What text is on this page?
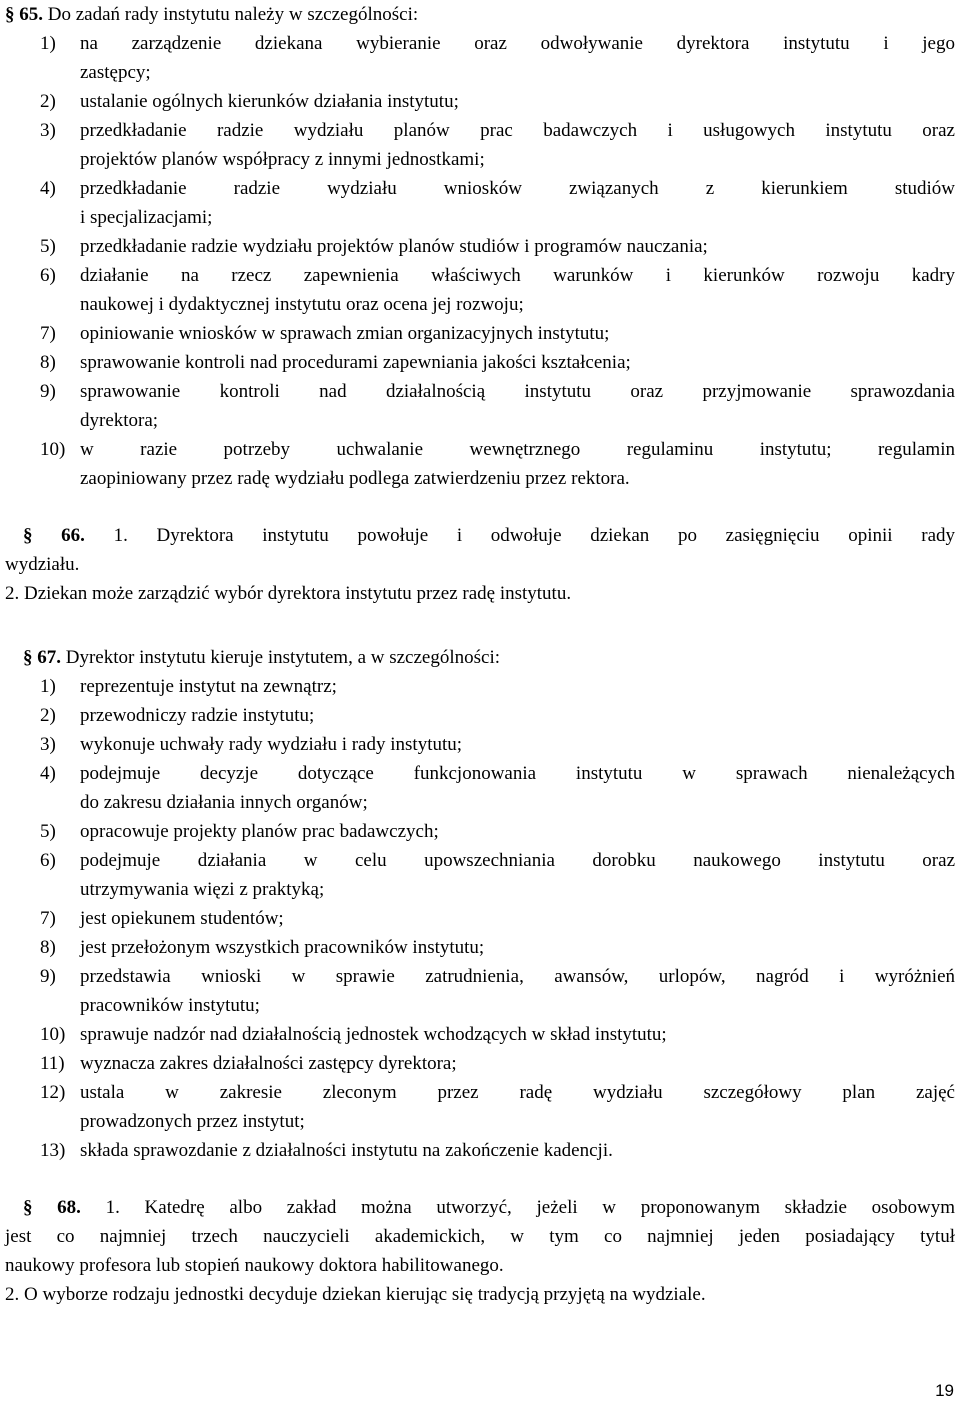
§ 65. Do zadań rady instytutu należy w szczególności:
1) na zarządzenie dziekana wybieranie oraz odwoływanie dyrektora instytutu i jego
zastępcy;
2) ustalanie ogólnych kierunków działania instytutu;
3) przedkładanie radzie wydziału planów prac badawczych i usługowych instytutu oraz
projektów planów współpracy z innymi jednostkami;
4) przedkładanie radzie wydziału wniosków związanych z kierunkiem studiów
i specjalizacjami;
5) przedkładanie radzie wydziału projektów planów studiów i programów nauczania;
6) działanie na rzecz zapewnienia właściwych warunków i kierunków rozwoju kadry
naukowej i dydaktycznej instytutu oraz ocena jej rozwoju;
7) opiniowanie wniosków w sprawach zmian organizacyjnych instytutu;
8) sprawowanie kontroli nad procedurami zapewniania jakości kształcenia;
9) sprawowanie kontroli nad działalnością instytutu oraz przyjmowanie sprawozdania
dyrektora;
10) w razie potrzeby uchwalanie wewnętrznego regulaminu instytutu; regulamin
zaopiniowany przez radę wydziału podlega zatwierdzeniu przez rektora.
§ 66. 1. Dyrektora instytutu powołuje i odwołuje dziekan po zasięgnięciu opinii rady
wydziału.
2. Dziekan może zarządzić wybór dyrektora instytutu przez radę instytutu.
§ 67. Dyrektor instytutu kieruje instytutem, a w szczególności:
1) reprezentuje instytut na zewnątrz;
2) przewodniczy radzie instytutu;
3) wykonuje uchwały rady wydziału i rady instytutu;
4) podejmuje decyzje dotyczące funkcjonowania instytutu w sprawach nienależących
do zakresu działania innych organów;
5) opracowuje projekty planów prac badawczych;
6) podejmuje działania w celu upowszechniania dorobku naukowego instytutu oraz
utrzymywania więzi z praktyką;
7) jest opiekunem studentów;
8) jest przełożonym wszystkich pracowników instytutu;
9) przedstawia wnioski w sprawie zatrudnienia, awansów, urlopów, nagród i wyróżnień
pracowników instytutu;
10) sprawuje nadzór nad działalnością jednostek wchodzących w skład instytutu;
11) wyznacza zakres działalności zastępcy dyrektora;
12) ustala w zakresie zleconym przez radę wydziału szczegółowy plan zajęć
prowadzonych przez instytut;
13) składa sprawozdanie z działalności instytutu na zakończenie kadencji.
§ 68. 1. Katedrę albo zakład można utworzyć, jeżeli w proponowanym składzie osobowym
jest co najmniej trzech nauczycieli akademickich, w tym co najmniej jeden posiadający tytuł
naukowy profesora lub stopień naukowy doktora habilitowanego.
2. O wyborze rodzaju jednostki decyduje dziekan kierując się tradycją przyjętą na wydziale.
19
